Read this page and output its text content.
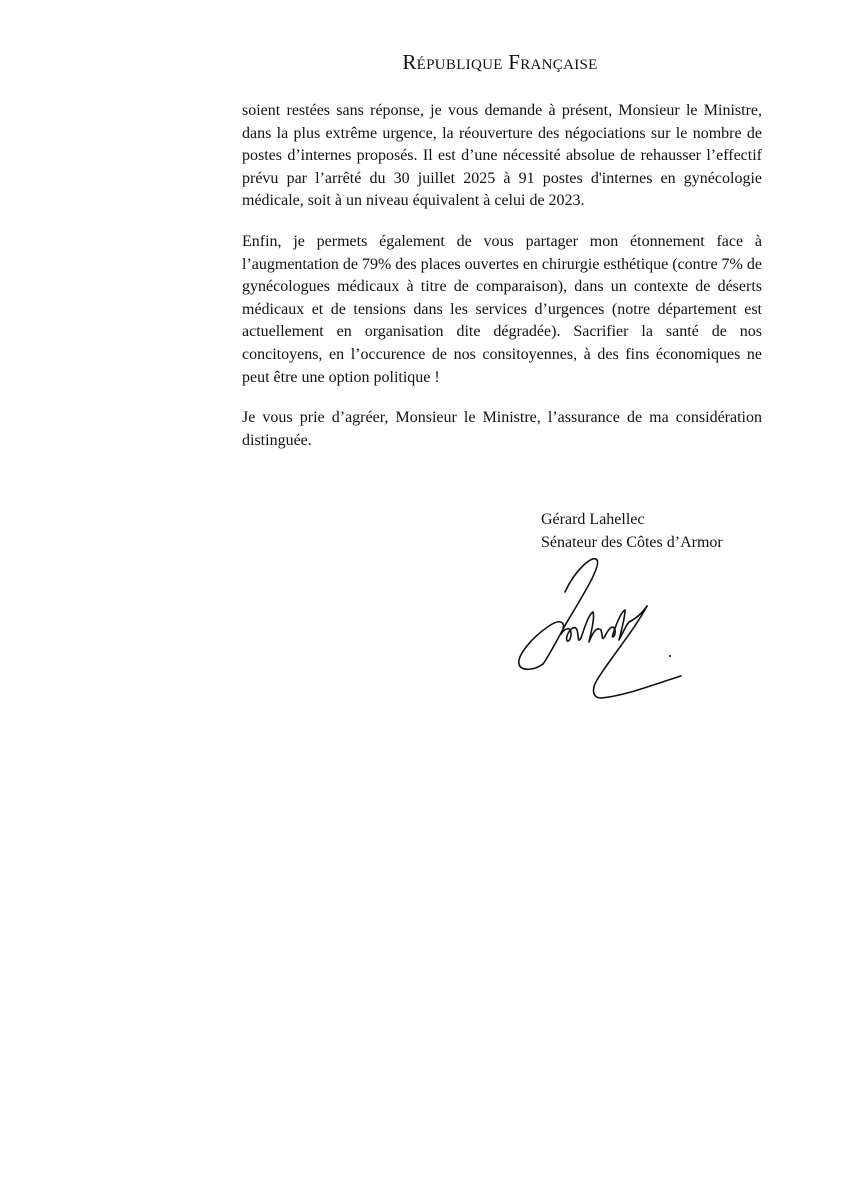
République Française

soient restées sans réponse, je vous demande à présent, Monsieur le Ministre, dans la plus extrême urgence, la réouverture des négociations sur le nombre de postes d’internes proposés. Il est d’une nécessité absolue de rehausser l’effectif prévu par l’arrêté du 30 juillet 2025 à 91 postes d'internes en gynécologie médicale, soit à un niveau équivalent à celui de 2023.

Enfin, je permets également de vous partager mon étonnement face à l’augmentation de 79% des places ouvertes en chirurgie esthétique (contre 7% de gynécologues médicaux à titre de comparaison), dans un contexte de déserts médicaux et de tensions dans les services d’urgences (notre département est actuellement en organisation dite dégradée). Sacrifier la santé de nos concitoyens, en l’occurence de nos consitoyennes, à des fins économiques ne peut être une option politique !

Je vous prie d’agréer, Monsieur le Ministre, l’assurance de ma considération distinguée.

Gérard Lahellec
Sénateur des Côtes d’Armor
